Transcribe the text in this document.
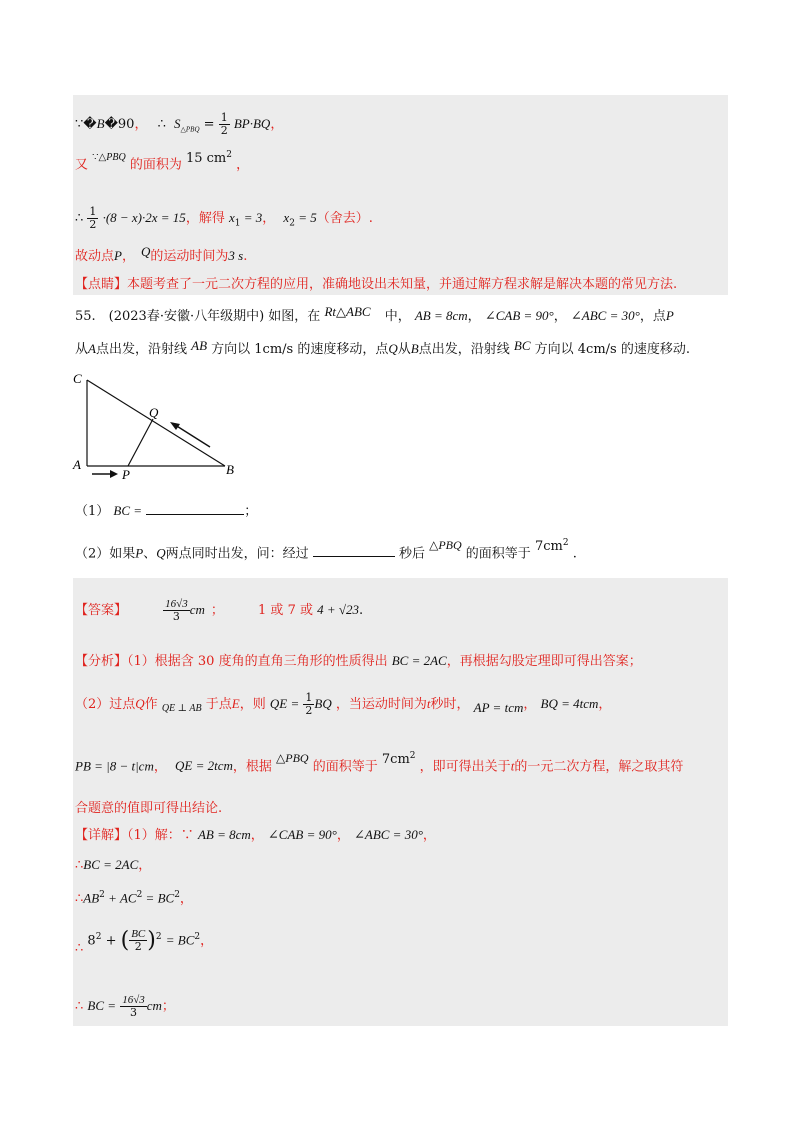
∵�B�90， ∴ $S_{\triangle PBQ} = \frac{1}{2} BP\cdot BQ$，
又 $^{\because\triangle PBQ}$ 的面积为 15 $cm^2$ ，
∴ $\frac{1}{2} \cdot(8 - x)\cdot 2x = 15$，解得 $x_1 = 3$， $x_2 = 5$（舍去）.
故动点P， Q的运动时间为3 s.
【点睛】本题考查了一元二次方程的应用，准确地设出未知量，并通过解方程求解是解决本题的常见方法.
55.　(2023春·安徽·八年级期中) 如图，在 Rt△ABC 中， AB = 8cm， ∠CAB = 90°， ∠ABC = 30°，点P
从A点出发，沿射线 AB 方向以 1cm/s 的速度移动，点Q从B点出发，沿射线 BC 方向以 4cm/s 的速度移动.
C
Q
A
P	B
（1） BC =	；
（2）如果P、Q两点同时出发，问：经过	秒后 △PBQ 的面积等于 $7cm^2$ .
【答案】	$\frac{16√3}{3}$ cm ；	1 或 7 或 4 + √23.
【分析】（1）根据含 30 度角的直角三角形的性质得出 BC = 2AC，再根据勾股定理即可得出答案；
（2）过点Q作 $_{QE \perp AB}$ 于点E，则 QE = $\frac{1}{2}$ BQ ，当运动时间为t秒时， AP = tcm， BQ = 4tcm，
PB = |8 − t|cm， QE = 2tcm，根据 △PBQ 的面积等于 $7cm^2$ ，即可得出关于t的一元二次方程，解之取其符
合题意的值即可得出结论.
【详解】（1）解：∵ AB = 8cm， ∠CAB = 90°， ∠ABC = 30°，
∴BC = 2AC，
$\therefore AB^2 + AC^2 = BC^2$，
∴ $8^2$ + ( $\frac{BC}{2} )^2 = BC^2$，
∴ BC = $\frac{16√3}{3}$ cm；
